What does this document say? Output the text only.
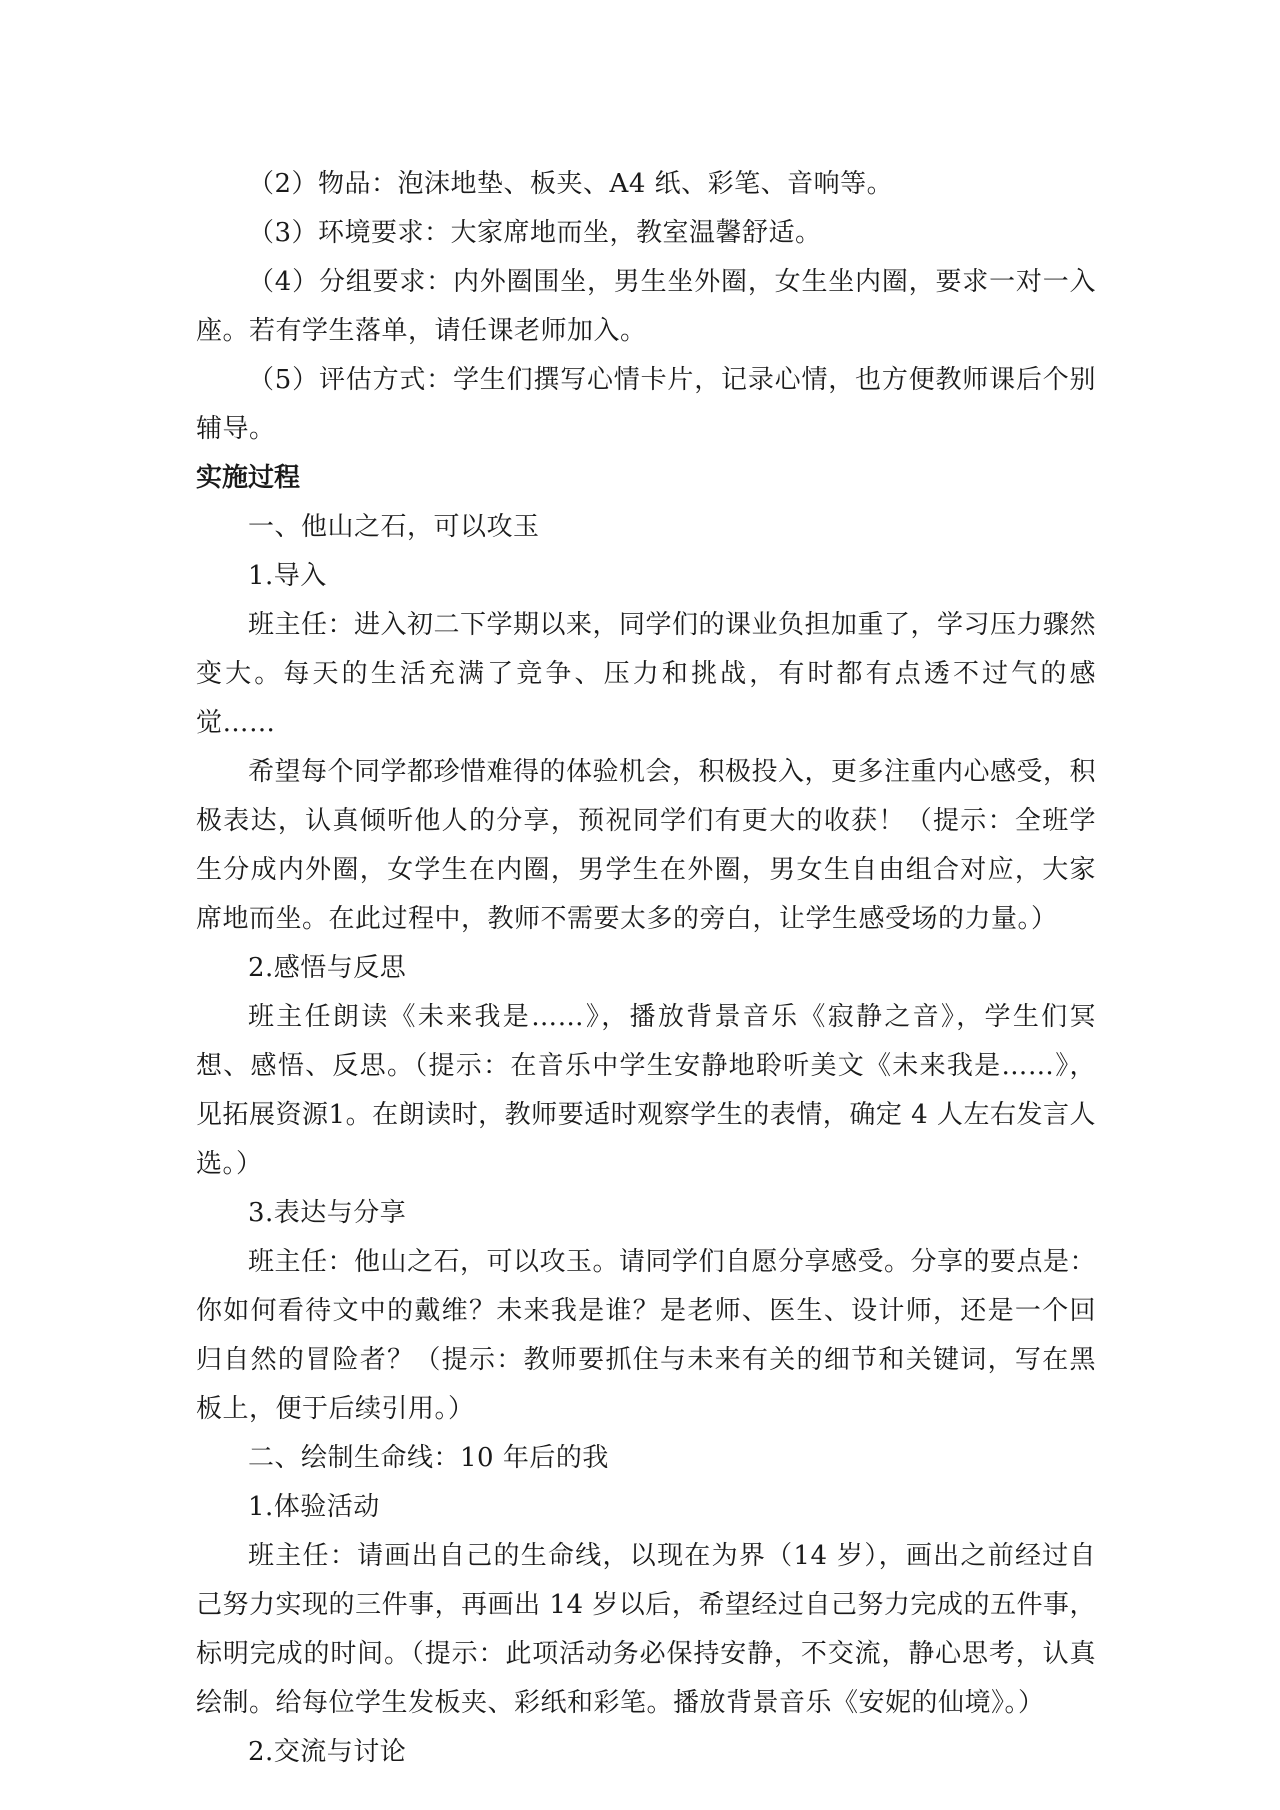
（2）物品：泡沫地垫、板夹、A4 纸、彩笔、音响等。

（3）环境要求：大家席地而坐，教室温馨舒适。

（4）分组要求：内外圈围坐，男生坐外圈，女生坐内圈，要求一对一入座。若有学生落单，请任课老师加入。

（5）评估方式：学生们撰写心情卡片，记录心情，也方便教师课后个别辅导。

实施过程

一、他山之石，可以攻玉

1.导入

班主任：进入初二下学期以来，同学们的课业负担加重了，学习压力骤然变大。每天的生活充满了竞争、压力和挑战，有时都有点透不过气的感觉……

希望每个同学都珍惜难得的体验机会，积极投入，更多注重内心感受，积极表达，认真倾听他人的分享，预祝同学们有更大的收获！（提示：全班学生分成内外圈，女学生在内圈，男学生在外圈，男女生自由组合对应，大家席地而坐。在此过程中，教师不需要太多的旁白，让学生感受场的力量。）

2.感悟与反思

班主任朗读《未来我是……》，播放背景音乐《寂静之音》，学生们冥想、感悟、反思。（提示：在音乐中学生安静地聆听美文《未来我是……》，见拓展资源1。在朗读时，教师要适时观察学生的表情，确定 4 人左右发言人选。）

3.表达与分享

班主任：他山之石，可以攻玉。请同学们自愿分享感受。分享的要点是：你如何看待文中的戴维？未来我是谁？是老师、医生、设计师，还是一个回归自然的冒险者？（提示：教师要抓住与未来有关的细节和关键词，写在黑板上，便于后续引用。）

二、绘制生命线：10 年后的我

1.体验活动

班主任：请画出自己的生命线，以现在为界（14 岁），画出之前经过自己努力实现的三件事，再画出 14 岁以后，希望经过自己努力完成的五件事，标明完成的时间。（提示：此项活动务必保持安静，不交流，静心思考，认真绘制。给每位学生发板夹、彩纸和彩笔。播放背景音乐《安妮的仙境》。）

2.交流与讨论
